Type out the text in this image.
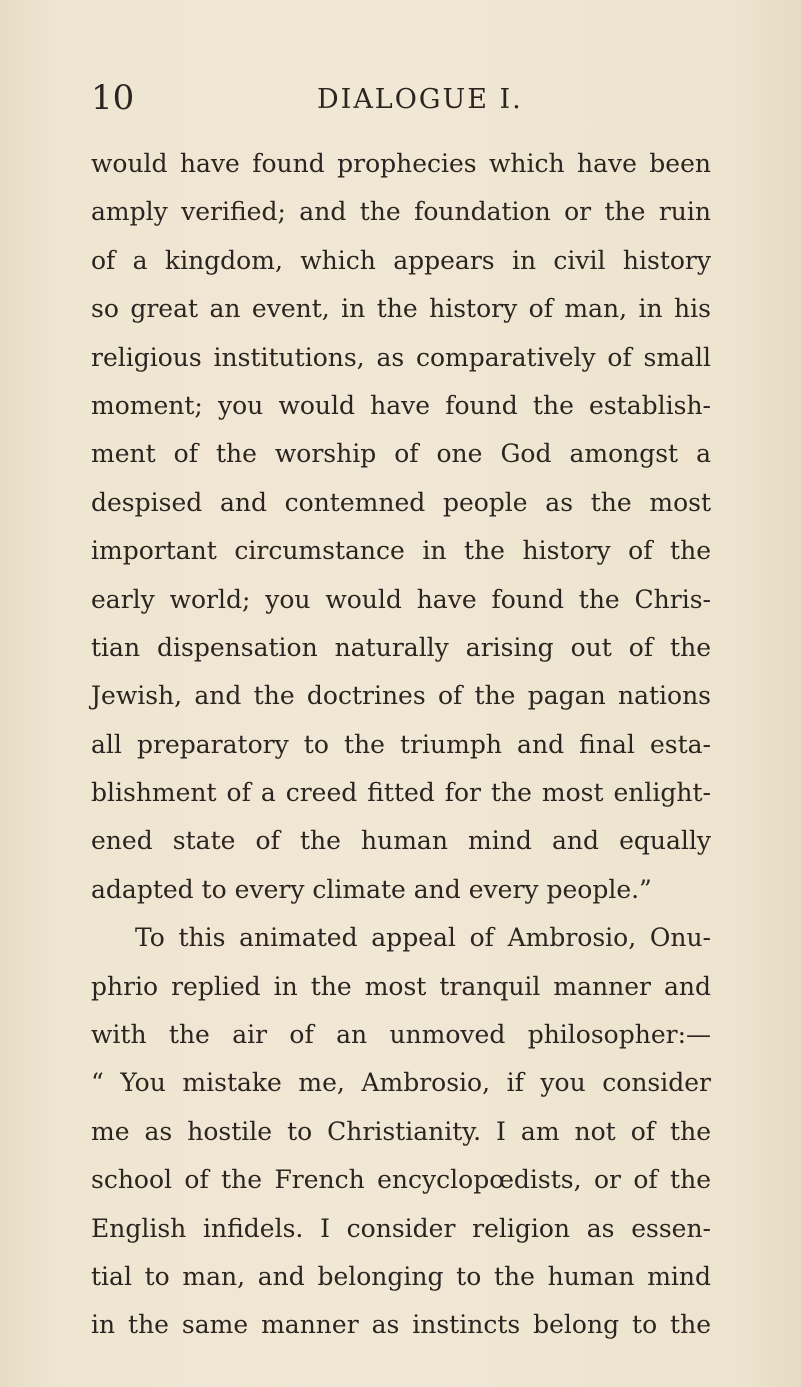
10	DIALOGUE I.
would have found prophecies which have been
amply verified; and the foundation or the ruin
of a kingdom, which appears in civil history
so great an event, in the history of man, in his
religious institutions, as comparatively of small
moment; you would have found the establish-
ment of the worship of one God amongst a
despised and contemned people as the most
important circumstance in the history of the
early world; you would have found the Chris-
tian dispensation naturally arising out of the
Jewish, and the doctrines of the pagan nations
all preparatory to the triumph and final esta-
blishment of a creed fitted for the most enlight-
ened state of the human mind and equally
adapted to every climate and every people.”
To this animated appeal of Ambrosio, Onu-
phrio replied in the most tranquil manner and
with the air of an unmoved philosopher:—
“ You mistake me, Ambrosio, if you consider
me as hostile to Christianity. I am not of the
school of the French encyclopœdists, or of the
English infidels. I consider religion as essen-
tial to man, and belonging to the human mind
in the same manner as instincts belong to the
